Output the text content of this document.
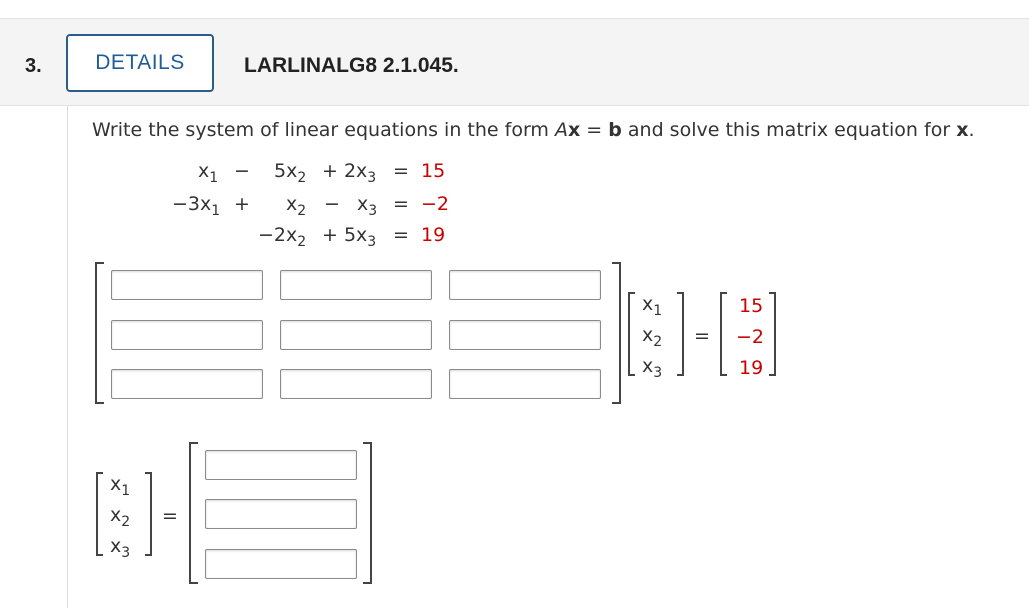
3.	DETAILS	LARLINALG8 2.1.045.
Write the system of linear equations in the form Ax = b and solve this matrix equation for x.
$x_1 - 5x_2 + 2x_3 = 15$
$-3x_1 + x_2 - x_3 = -2$
$-2x_2 + 5x_3 = 19$
$x_1$
$x_2$
$x_3$
=
15
−2
19
$x_1$
$x_2$
$x_3$
=
